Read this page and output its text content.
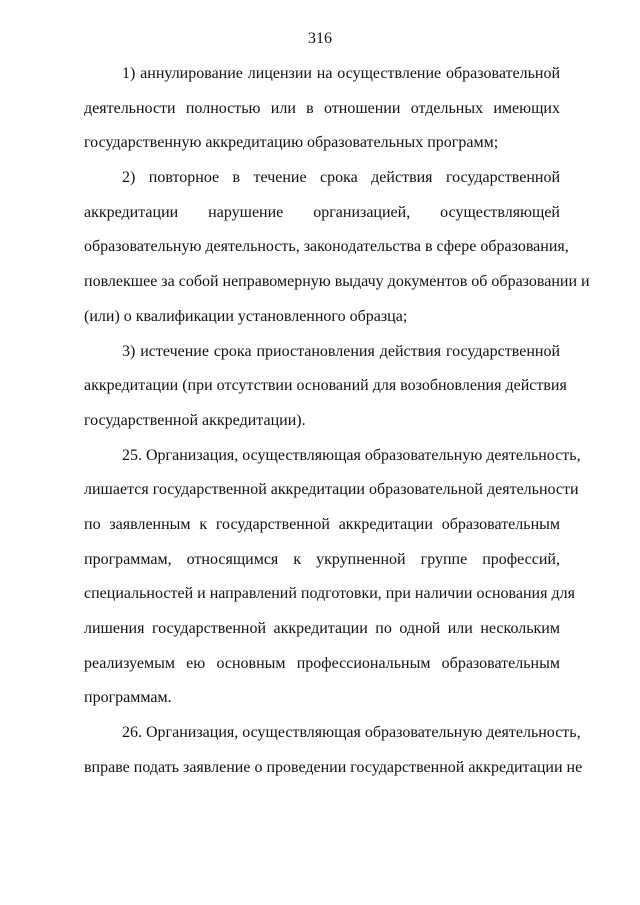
316
1) аннулирование лицензии на осуществление образовательной
деятельности полностью или в отношении отдельных имеющих
государственную аккредитацию образовательных программ;
2) повторное в течение срока действия государственной
аккредитации нарушение организацией, осуществляющей
образовательную деятельность, законодательства в сфере образования,
повлекшее за собой неправомерную выдачу документов об образовании и
(или) о квалификации установленного образца;
3) истечение срока приостановления действия государственной
аккредитации (при отсутствии оснований для возобновления действия
государственной аккредитации).
25. Организация, осуществляющая образовательную деятельность,
лишается государственной аккредитации образовательной деятельности
по заявленным к государственной аккредитации образовательным
программам, относящимся к укрупненной группе профессий,
специальностей и направлений подготовки, при наличии основания для
лишения государственной аккредитации по одной или нескольким
реализуемым ею основным профессиональным образовательным
программам.
26. Организация, осуществляющая образовательную деятельность,
вправе подать заявление о проведении государственной аккредитации не
